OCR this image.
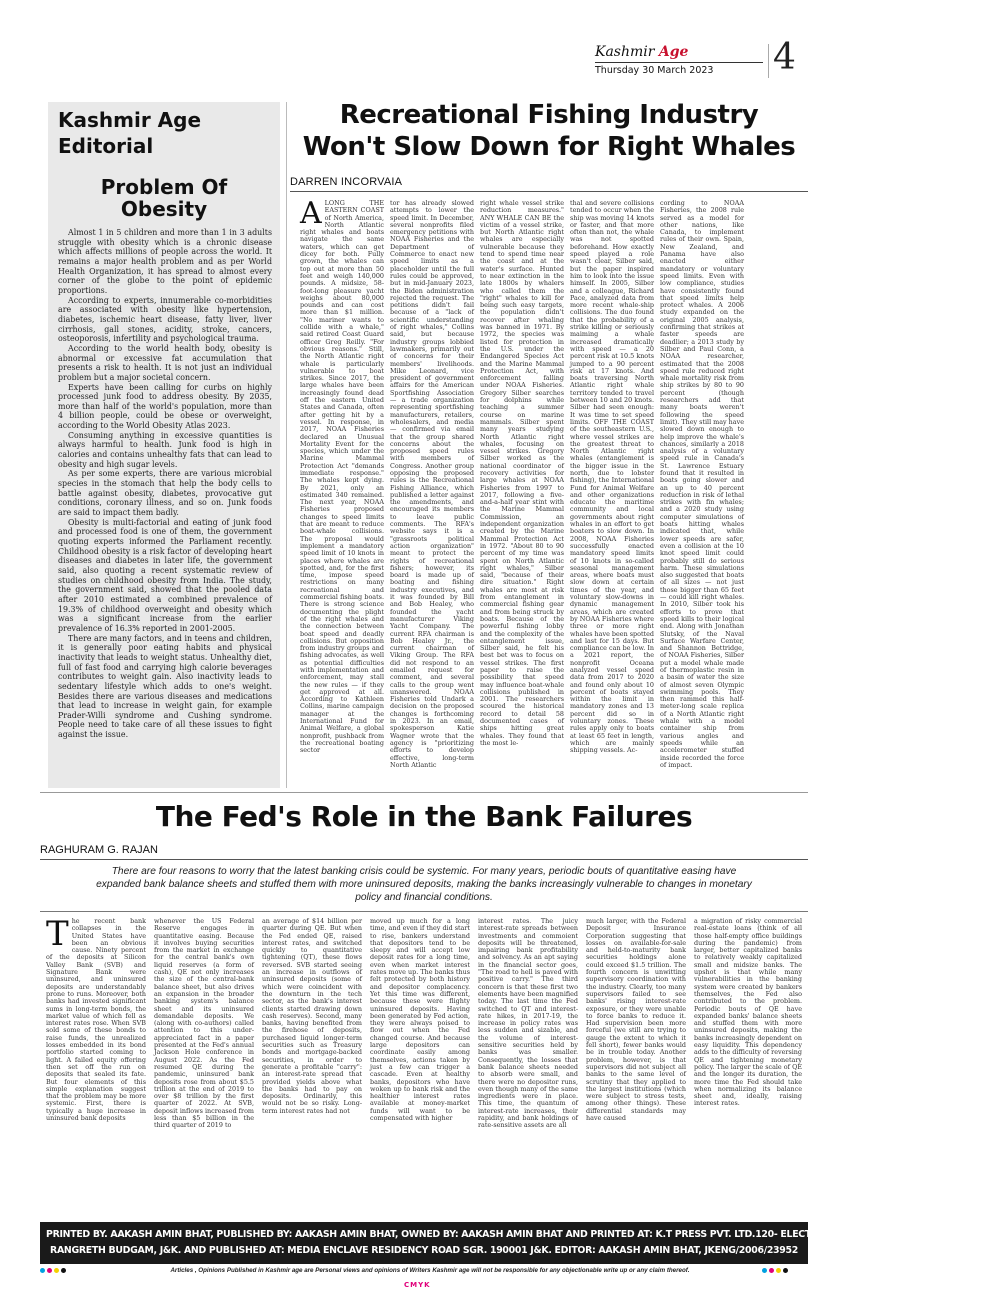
Kashmir Age
Thursday 30 March 2023 4
Kashmir Age
Editorial
Problem Of
Obesity

Almost 1 in 5 children and more than 1 in 3 adults struggle with obesity which is a chronic disease which affects millions of people across the world. It remains a major health problem and as per World Health Organization, it has spread to almost every corner of the globe to the point of epidemic proportions.

According to experts, innumerable co-morbidities are associated with obesity like hypertension, diabetes, ischemic heart disease, fatty liver, liver cirrhosis, gall stones, acidity, stroke, cancers, osteoporosis, infertility and psychological trauma.

According to the world health body, obesity is abnormal or excessive fat accumulation that presents a risk to health. It is not just an individual problem but a major societal concern.

Experts have been calling for curbs on highly processed junk food to address obesity. By 2035, more than half of the world's population, more than 4 billion people, could be obese or overweight, according to the World Obesity Atlas 2023.

Consuming anything in excessive quantities is always harmful to health. Junk food is high in calories and contains unhealthy fats that can lead to obesity and high sugar levels.

As per some experts, there are various microbial species in the stomach that help the body cells to battle against obesity, diabetes, provocative gut conditions, coronary illness, and so on. Junk foods are said to impact them badly.

Obesity is multi-factorial and eating of junk food and processed food is one of them, the government quoting experts informed the Parliament recently. Childhood obesity is a risk factor of developing heart diseases and diabetes in later life, the government said, also quoting a recent systematic review of studies on childhood obesity from India. The study, the government said, showed that the pooled data after 2010 estimated a combined prevalence of 19.3% of childhood overweight and obesity which was a significant increase from the earlier prevalence of 16.3% reported in 2001-2005.

There are many factors, and in teens and children, it is generally poor eating habits and physical inactivity that leads to weight status. Unhealthy diet, full of fast food and carrying high calorie beverages contributes to weight gain. Also inactivity leads to sedentary lifestyle which adds to one's weight. Besides there are various diseases and medications that lead to increase in weight gain, for example Prader-Willi syndrome and Cushing syndrome. People need to take care of all these issues to fight against the issue.

Recreational Fishing Industry
Won't Slow Down for Right Whales
DARREN INCORVAIA
A LONG THE EASTERN COAST of North America, North Atlantic right whales and boats navigate the same waters, which can get dicey for both. Fully grown, the whales can top out at more than 50 feet and weigh 140,000 pounds. A midsize, 58-foot-long pleasure yacht weighs about 80,000 pounds and can cost more than $1 million. "No mariner wants to collide with a whale," said retired Coast Guard officer Greg Reilly. "For obvious reasons." Still, the North Atlantic right whale is particularly vulnerable to boat strikes. Since 2017, the large whales have been increasingly found dead off the eastern United States and Canada, often after getting hit by a vessel. In response, in 2017, NOAA Fisheries declared an Unusual Mortality Event for the species, which under the Marine Mammal Protection Act "demands immediate response." The whales kept dying. By 2021, only an estimated 340 remained. The next year, NOAA Fisheries proposed changes to speed limits that are meant to reduce boat-whale collisions. The proposal would implement a mandatory speed limit of 10 knots in places where whales are spotted, and, for the first time, impose speed restrictions on many recreational and commercial fishing boats. There is strong science documenting the plight of the right whales and the connection between boat speed and deadly collisions. But opposition from industry groups and fishing advocates, as well as potential difficulties with implementation and enforcement, may stall the new rules — if they get approved at all. According to Kathleen Collins, marine campaign manager at the International Fund for Animal Welfare, a global nonprofit, pushback from the recreational boating sector
tor has already slowed attempts to lower the speed limit. In December, several nonprofits filed emergency petitions with NOAA Fisheries and the Department of Commerce to enact new speed limits as a placeholder until the full rules could be approved, but in mid-January 2023, the Biden administration rejected the request. The petitions didn't fail because of a "lack of scientific understanding of right whales," Collins said, but because industry groups lobbied lawmakers, primarily out of concerns for their members' livelihoods. Mike Leonard, vice president of government affairs for the American Sportfishing Association — a trade organization representing sportfishing manufacturers, retailers, wholesalers, and media — confirmed via email that the group shared concerns about the proposed speed rules with members of Congress. Another group opposing the proposed rules is the Recreational Fishing Alliance, which published a letter against the amendments, and encouraged its members to leave public comments. The RFA's website says it is a "grassroots political action organization" meant to protect the rights of recreational fishers; however, its board is made up of boating and fishing industry executives, and it was founded by Bill and Bob Healey, who founded the yacht manufacturer Viking Yacht Company. The current RFA chairman is Bob Healey Jr., the current chairman of Viking Group. The RFA did not respond to an emailed request for comment, and several calls to the group went unanswered. NOAA Fisheries told Undark a decision on the proposed changes is forthcoming in 2023. In an email, spokesperson Katie Wagner wrote that the agency is "prioritizing efforts to develop effective, long-term North Atlantic
right whale vessel strike reduction measures." ANY WHALE CAN BE the victim of a vessel strike, but North Atlantic right whales are especially vulnerable because they tend to spend time near the coast and at the water's surface. Hunted to near extinction in the late 1800s by whalers who called them the "right" whales to kill for being such easy targets, the population didn't recover after whaling was banned in 1971. By 1972, the species was listed for protection in the U.S. under the Endangered Species Act and the Marine Mammal Protection Act, with enforcement falling under NOAA Fisheries. Gregory Silber searches for dolphins while teaching a summer course on marine mammals. Silber spent many years studying North Atlantic right whales, focusing on vessel strikes. Gregory Silber worked as the national coordinator of recovery activities for large whales at NOAA Fisheries from 1997 to 2017, following a five-and-a-half year stint with the Marine Mammal Commission, an independent organization created by the Marine Mammal Protection Act in 1972. "About 80 to 90 percent of my time was spent on North Atlantic right whales," Silber said, "because of their dire situation." Right whales are most at risk from entanglement in commercial fishing gear and from being struck by boats. Because of the powerful fishing lobby and the complexity of the entanglement issue, Silber said, he felt his best bet was to focus on vessel strikes. The first paper to raise the possibility that speed may influence boat-whale collisions published in 2001. The researchers scoured the historical record to detail 58 documented cases of ships hitting great whales. They found that the most le-
thal and severe collisions tended to occur when the ship was moving 14 knots or faster, and that more often than not, the whale was not spotted beforehand. How exactly speed played a role wasn't clear, Silber said, but the paper inspired him to look into the issue himself. In 2005, Silber and a colleague, Richard Pace, analyzed data from more recent whale-ship collisions. The duo found that the probability of a strike killing or seriously maiming a whale increased dramatically with speed — a 20 percent risk at 10.5 knots jumped to a 90 percent risk at 17 knots. And boats traversing North Atlantic right whale territory tended to travel between 10 and 20 knots. Silber had seen enough: It was time to set speed limits. OFF THE COAST of the southeastern U.S., where vessel strikes are the greatest threat to North Atlantic right whales (entanglement is the bigger issue in the north, due to lobster fishing), the International Fund for Animal Welfare and other organizations educate the maritime community and local governments about right whales in an effort to get boaters to slow down. In 2008, NOAA Fisheries successfully enacted mandatory speed limits of 10 knots in so-called seasonal management areas, where boats must slow down at certain times of the year, and voluntary slow-downs in dynamic management areas, which are created by NOAA Fisheries where three or more right whales have been spotted and last for 15 days. But compliance can be low. In a 2021 report, the nonprofit Oceana analyzed vessel speed data from 2017 to 2020 and found only about 10 percent of boats stayed within the limit in mandatory zones and 13 percent did so in voluntary zones. These rules apply only to boats at least 65 feet in length, which are mainly shipping vessels. Ac-
cording to NOAA Fisheries, the 2008 rule served as a model for other nations, like Canada, to implement rules of their own. Spain, New Zealand, and Panama have also enacted either mandatory or voluntary speed limits. Even with low compliance, studies have consistently found that speed limits help protect whales. A 2006 study expanded on the original 2005 analysis, confirming that strikes at faster speeds are deadlier; a 2013 study by Silber and Paul Conn, a NOAA researcher, estimated that the 2008 speed rule reduced right whale mortality risk from ship strikes by 80 to 90 percent (though researchers add that many boats weren't following the speed limit). They still may have slowed down enough to help improve the whale's chances, similarly a 2018 analysis of a voluntary speed rule in Canada's St. Lawrence Estuary found that it resulted in boats going slower and an up to 40 percent reduction in risk of lethal strikes with fin whales; and a 2020 study using computer simulations of boats hitting whales indicated that, while lower speeds are safer, even a collision at the 10 knot speed limit could probably still do serious harm. These simulations also suggested that boats of all sizes — not just those bigger than 65 feet — could kill right whales. In 2010, Silber took his efforts to prove that speed kills to their logical end. Along with Jonathan Slutsky, of the Naval Surface Warfare Center, and Shannon Bettridge, of NOAA Fisheries, Silber put a model whale made of thermoplastic resin in a basin of water the size of almost seven Olympic swimming pools. They then rammed this half-meter-long scale replica of a North Atlantic right whale with a model container ship from various angles and speeds while an accelerometer stuffed inside recorded the force of impact.
The Fed's Role in the Bank Failures
RAGHURAM G. RAJAN
There are four reasons to worry that the latest banking crisis could be systemic. For many years, periodic bouts of quantitative easing have expanded bank balance sheets and stuffed them with more uninsured deposits, making the banks increasingly vulnerable to changes in monetary policy and financial conditions.
T he recent bank collapses in the United States have been an obvious cause. Ninety percent of the deposits at Silicon Valley Bank (SVB) and Signature Bank were uninsured, and uninsured deposits are understandably prone to runs. Moreover, both banks had invested significant sums in long-term bonds, the market value of which fell as interest rates rose. When SVB sold some of these bonds to raise funds, the unrealized losses embedded in its bond portfolio started coming to light. A failed equity offering then set off the run on deposits that sealed its fate. But four elements of this simple explanation suggest that the problem may be more systemic. First, there is typically a huge increase in uninsured bank deposits
whenever the US Federal Reserve engages in quantitative easing. Because it involves buying securities from the market in exchange for the central bank's own liquid reserves (a form of cash), QE not only increases the size of the central-bank balance sheet, but also drives an expansion in the broader banking system's balance sheet and its uninsured demandable deposits. We (along with co-authors) called attention to this under-appreciated fact in a paper presented at the Fed's annual Jackson Hole conference in August 2022. As the Fed resumed QE during the pandemic, uninsured bank deposits rose from about $5.5 trillion at the end of 2019 to over $8 trillion by the first quarter of 2022. At SVB, deposit inflows increased from less than $5 billion in the third quarter of 2019 to
an average of $14 billion per quarter during QE. But when the Fed ended QE, raised interest rates, and switched quickly to quantitative tightening (QT), these flows reversed. SVB started seeing an increase in outflows of uninsured deposits (some of which were coincident with the downturn in the tech sector, as the bank's interest clients started drawing down cash reserves). Second, many banks, having benefited from the firehose of deposits, purchased liquid longer-term securities such as Treasury bonds and mortgage-backed securities, in order to generate a profitable "carry": an interest-rate spread that provided yields above what the banks had to pay on deposits. Ordinarily, this would not be so risky. Long-term interest rates had not
moved up much for a long time, and even if they did start to rise, bankers understand that depositors tend to be sleepy and will accept low deposit rates for a long time, even when market interest rates move up. The banks thus felt protected by both history and depositor complacency. Yet this time was different, because these were flighty uninsured deposits. Having been generated by Fed action, they were always poised to flow out when the Fed changed course. And because large depositors can coordinate easily among themselves, actions taken by just a few can trigger a cascade. Even at healthy banks, depositors who have woken up to bank risk and the healthier interest rates available at money-market funds will want to be compensated with higher
interest rates. The juicy interest-rate spreads between investments and commoient deposits will be threatened, impairing bank profitability and solvency. As an apt saying in the financial sector goes, "The road to hell is paved with positive carry." The third concern is that these first two elements have been magnified today. The last time the Fed switched to QT and interest-rate hikes, in 2017-19, the increase in policy rates was less sudden and sizable, and the volume of interest-sensitive securities held by banks was smaller. Consequently, the losses that bank balance sheets needed to absorb were small, and there were no depositor runs, even though many of the same ingredients were in place. This time, the quantum of interest-rate increases, their rapidity, and bank holdings of rate-sensitive assets are all
much larger, with the Federal Deposit Insurance Corporation suggesting that losses on available-for-sale and held-to-maturity bank securities holdings alone could exceed $1.5 trillion. The fourth concern is unwitting supervisory coordination with the industry. Clearly, too many supervisors failed to see banks' rising interest-rate exposure, or they were unable to force banks to reduce it. Had supervision been more forceful (we still are trying to gauge the extent to which it fell short), fewer banks would be in trouble today. Another problem, however, is that supervisors did not subject all banks to the same level of scrutiny that they applied to the largest institutions (which were subject to stress tests, among other things). These differential standards may have caused
a migration of risky commercial real-estate loans (think of all those half-empty office buildings during the pandemic) from larger, better capitalized banks to relatively weakly capitalized small and midsize banks. The upshot is that while many vulnerabilities in the banking system were created by bankers themselves, the Fed also contributed to the problem. Periodic bouts of QE have expanded banks' balance sheets and stuffed them with more uninsured deposits, making the banks increasingly dependent on easy liquidity. This dependency adds to the difficulty of reversing QE and tightening monetary policy. The larger the scale of QE and the longer its duration, the more time the Fed should take when normalizing its balance sheet and, ideally, raising interest rates.
PRINTED BY. AAKASH AMIN BHAT, PUBLISHED BY: AAKASH AMIN BHAT, OWNED BY: AAKASH AMIN BHAT AND PRINTED AT: K.T PRESS PVT. LTD.120- ELECTRONIC COMPLEX INDUSTRIAL ESTATE
RANGRETH BUDGAM, J&K. AND PUBLISHED AT: MEDIA ENCLAVE RESIDENCY ROAD SGR. 190001 J&K. EDITOR: AAKASH AMIN BHAT, JKENG/2006/23952
Articles , Opinions Published in Kashmir age are Personal views and opinions of Writers Kashmir age will not be responsible for any objectionable write up or any claim thereof.
CMYK
